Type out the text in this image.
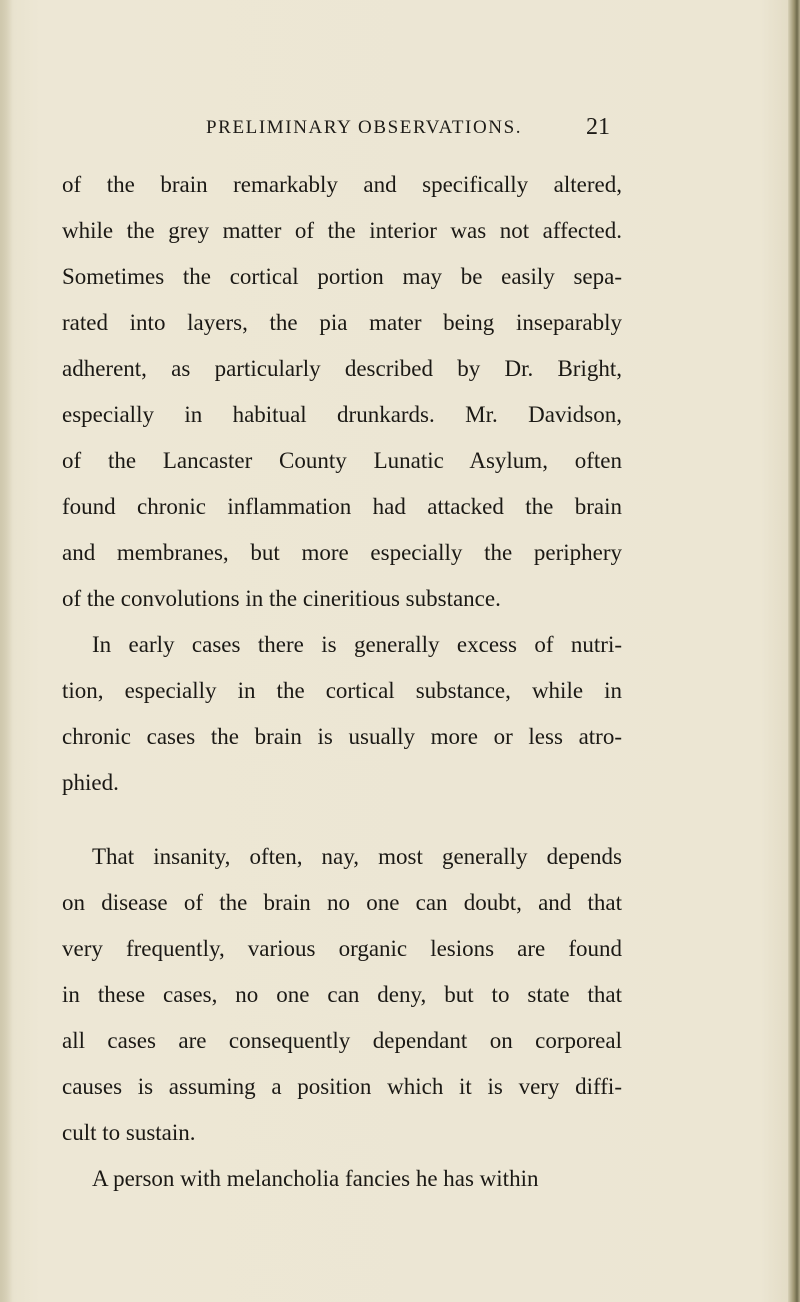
PRELIMINARY OBSERVATIONS.	21
of the brain remarkably and specifically altered,
while the grey matter of the interior was not affected.
Sometimes the cortical portion may be easily sepa-
rated into layers, the pia mater being inseparably
adherent, as particularly described by Dr. Bright,
especially in habitual drunkards. Mr. Davidson,
of the Lancaster County Lunatic Asylum, often
found chronic inflammation had attacked the brain
and membranes, but more especially the periphery
of the convolutions in the cineritious substance.
In early cases there is generally excess of nutri-
tion, especially in the cortical substance, while in
chronic cases the brain is usually more or less atro-
phied.
That insanity, often, nay, most generally depends
on disease of the brain no one can doubt, and that
very frequently, various organic lesions are found
in these cases, no one can deny, but to state that
all cases are consequently dependant on corporeal
causes is assuming a position which it is very diffi-
cult to sustain.
A person with melancholia fancies he has within
